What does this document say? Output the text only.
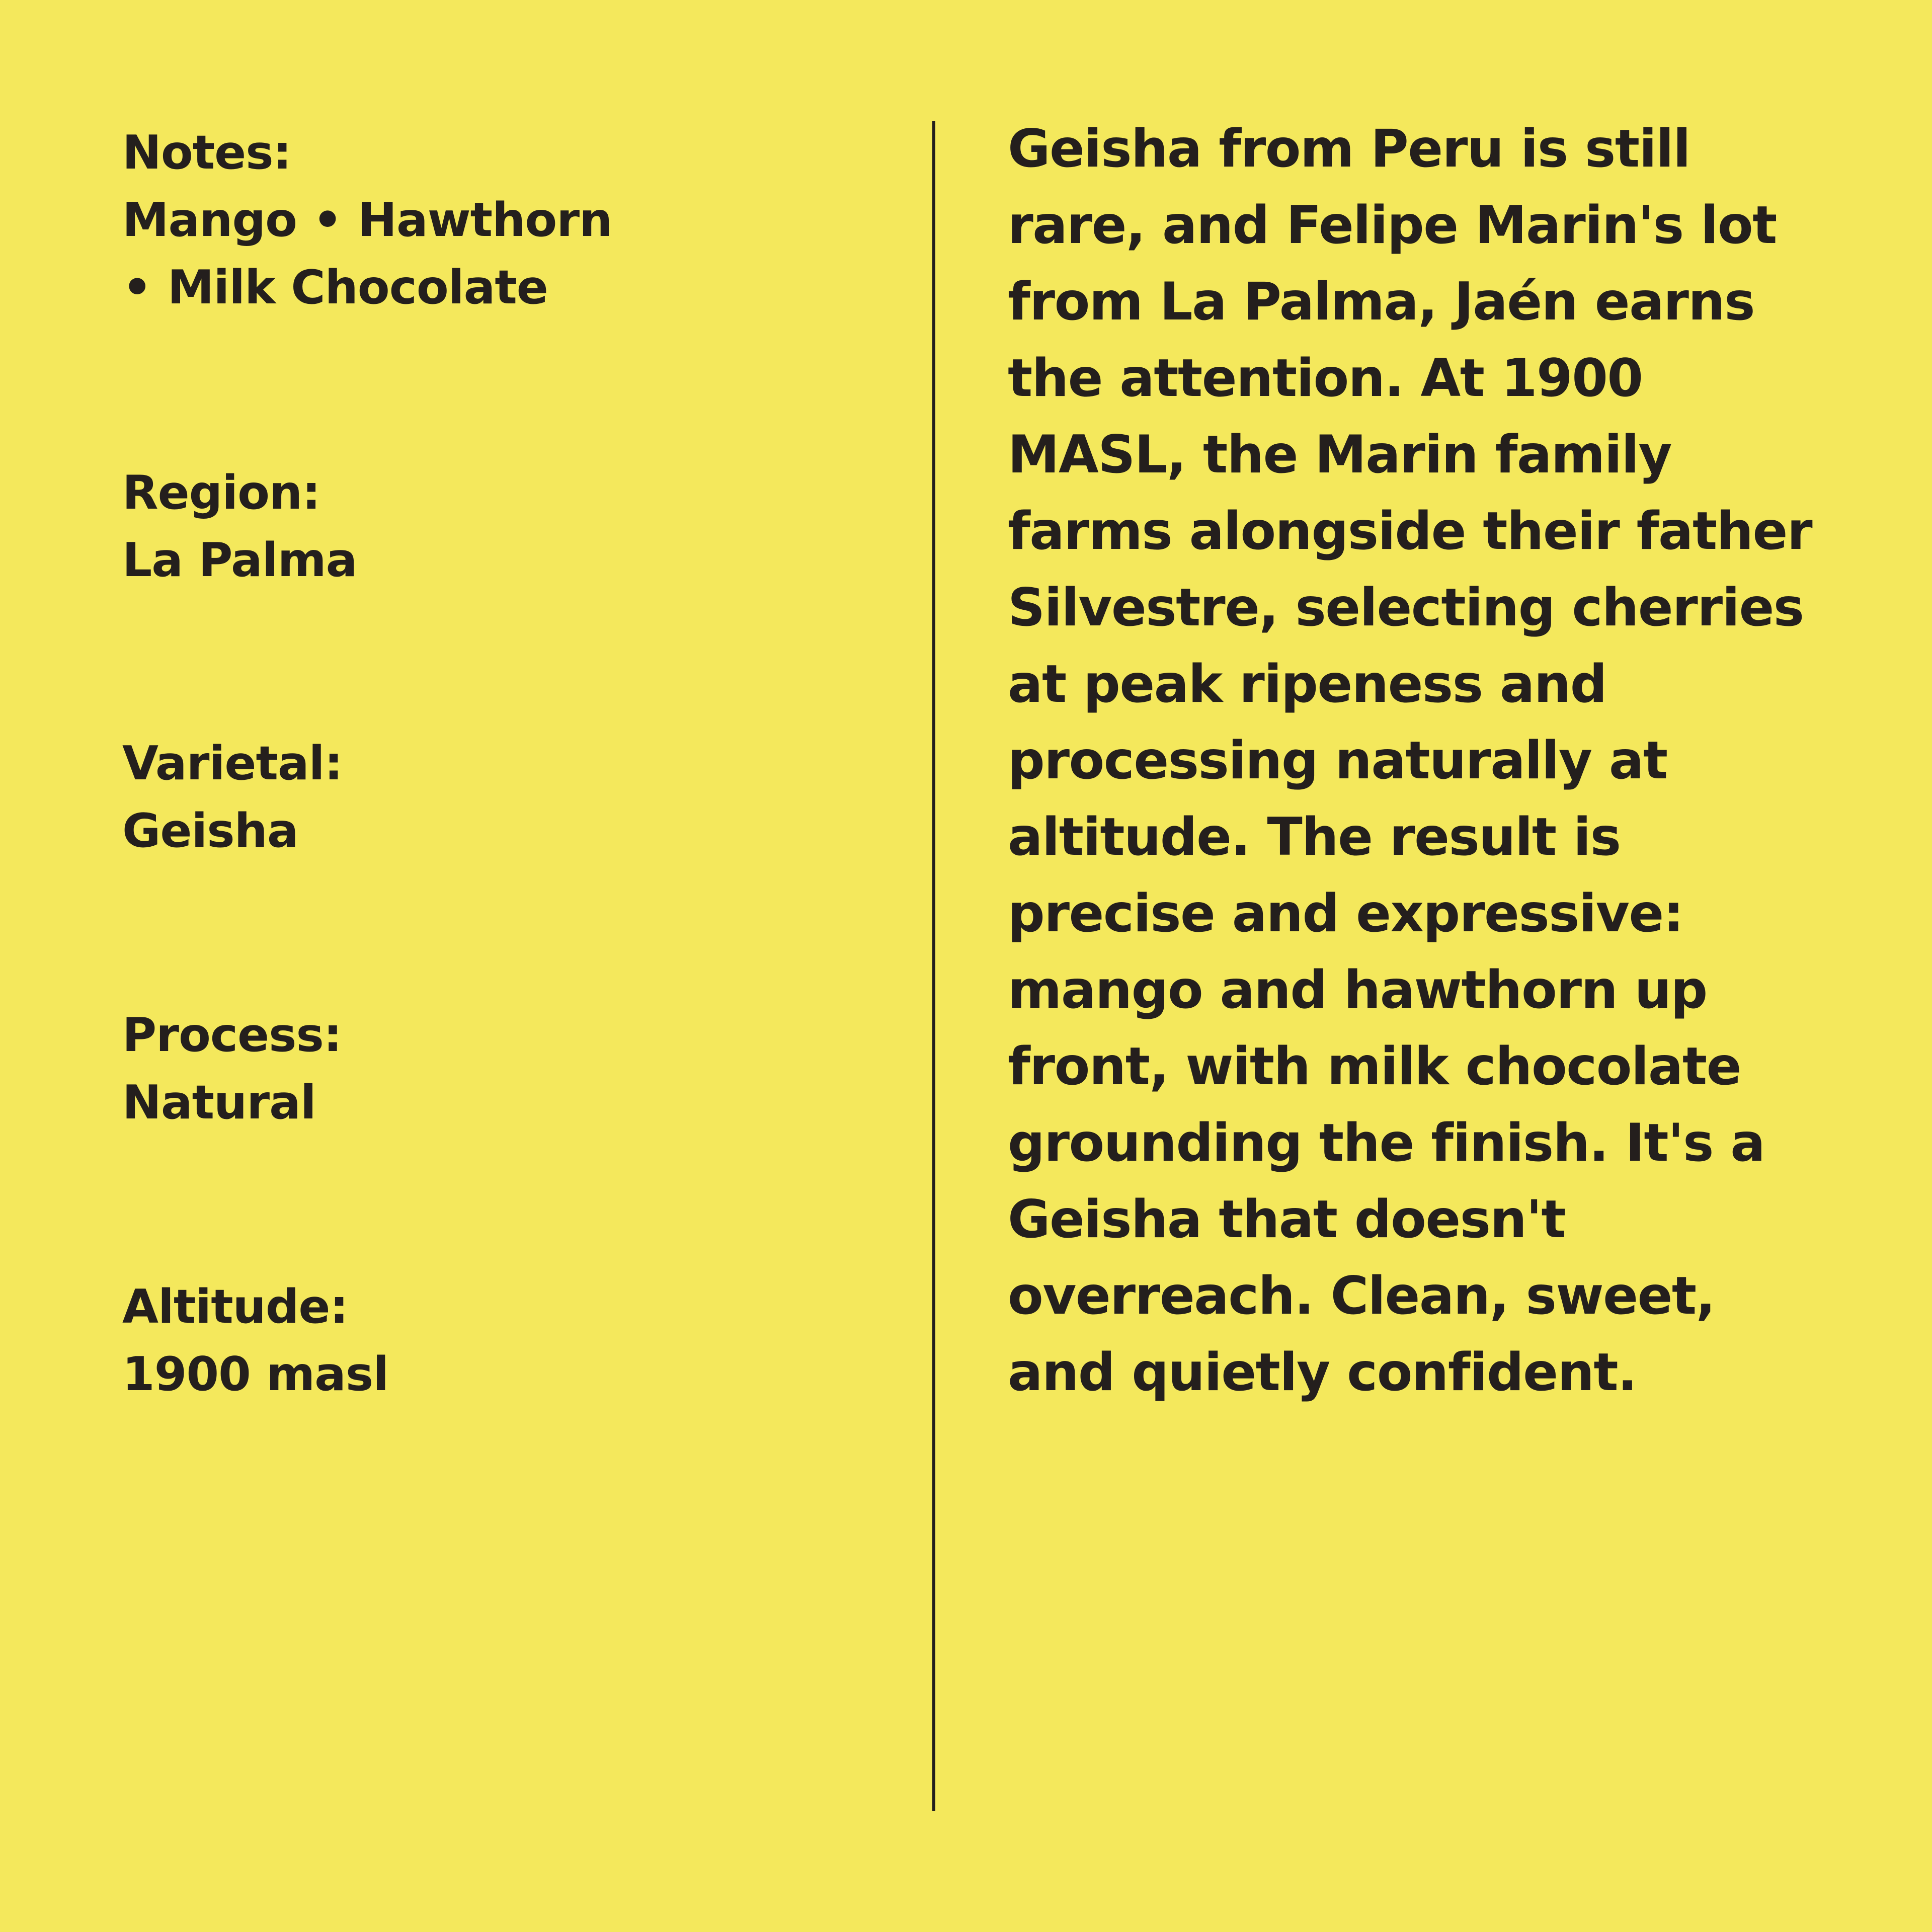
Notes:
Mango • Hawthorn
• Milk Chocolate
Region:
La Palma
Varietal:
Geisha
Process:
Natural
Altitude:
1900 masl

Geisha from Peru is still rare, and Felipe Marin's lot from La Palma, Jaén earns the attention. At 1900 MASL, the Marin family farms alongside their father Silvestre, selecting cherries at peak ripeness and processing naturally at altitude. The result is precise and expressive: mango and hawthorn up front, with milk chocolate grounding the finish. It's a Geisha that doesn't overreach. Clean, sweet, and quietly confident.
